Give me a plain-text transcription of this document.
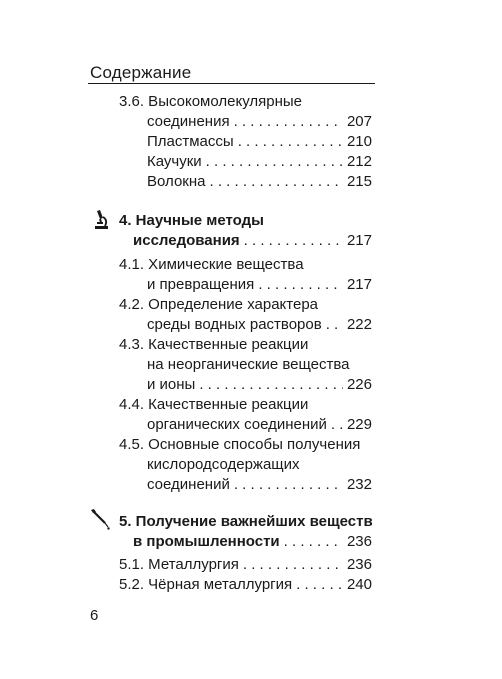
Содержание
3.6. Высокомолекулярные
соединения . . .	207
Пластмассы . . .	210
Каучуки . . .	212
Волокна . . .	215
4. Научные методы
исследования . . .	217
4.1. Химические вещества
и превращения . . .	217
4.2. Определение характера
среды водных растворов . . . 222
4.3. Качественные реакции
на неорганические вещества
и ионы . . .	226
4.4. Качественные реакции
органических соединений . . . 229
4.5. Основные способы получения
кислородсодержащих
соединений . . .	232
5. Получение важнейших веществ
в промышленности . . .	236
5.1. Металлургия . . .	236
5.2. Чёрная металлургия . . .	240
6
